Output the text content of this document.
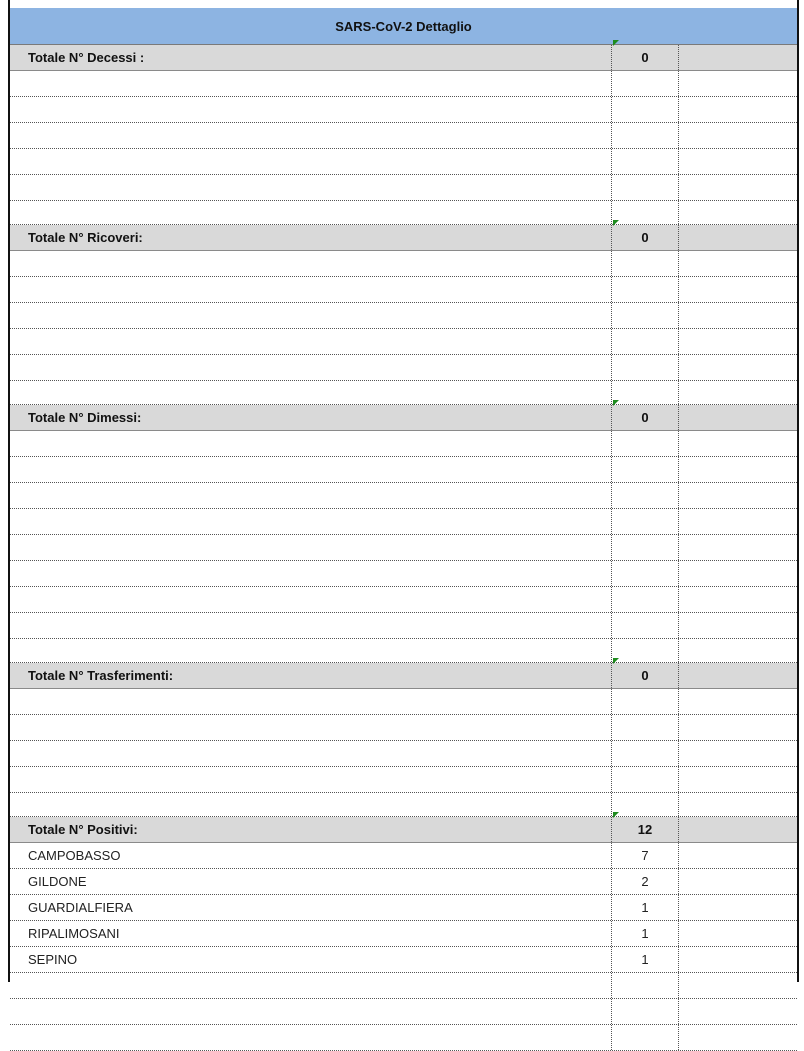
SARS-CoV-2 Dettaglio
Totale N° Decessi :	0
Totale N° Ricoveri:	0
Totale N° Dimessi:	0
Totale N° Trasferimenti:	0
Totale N° Positivi:	12
CAMPOBASSO	7
GILDONE	2
GUARDIALFIERA	1
RIPALIMOSANI	1
SEPINO	1
